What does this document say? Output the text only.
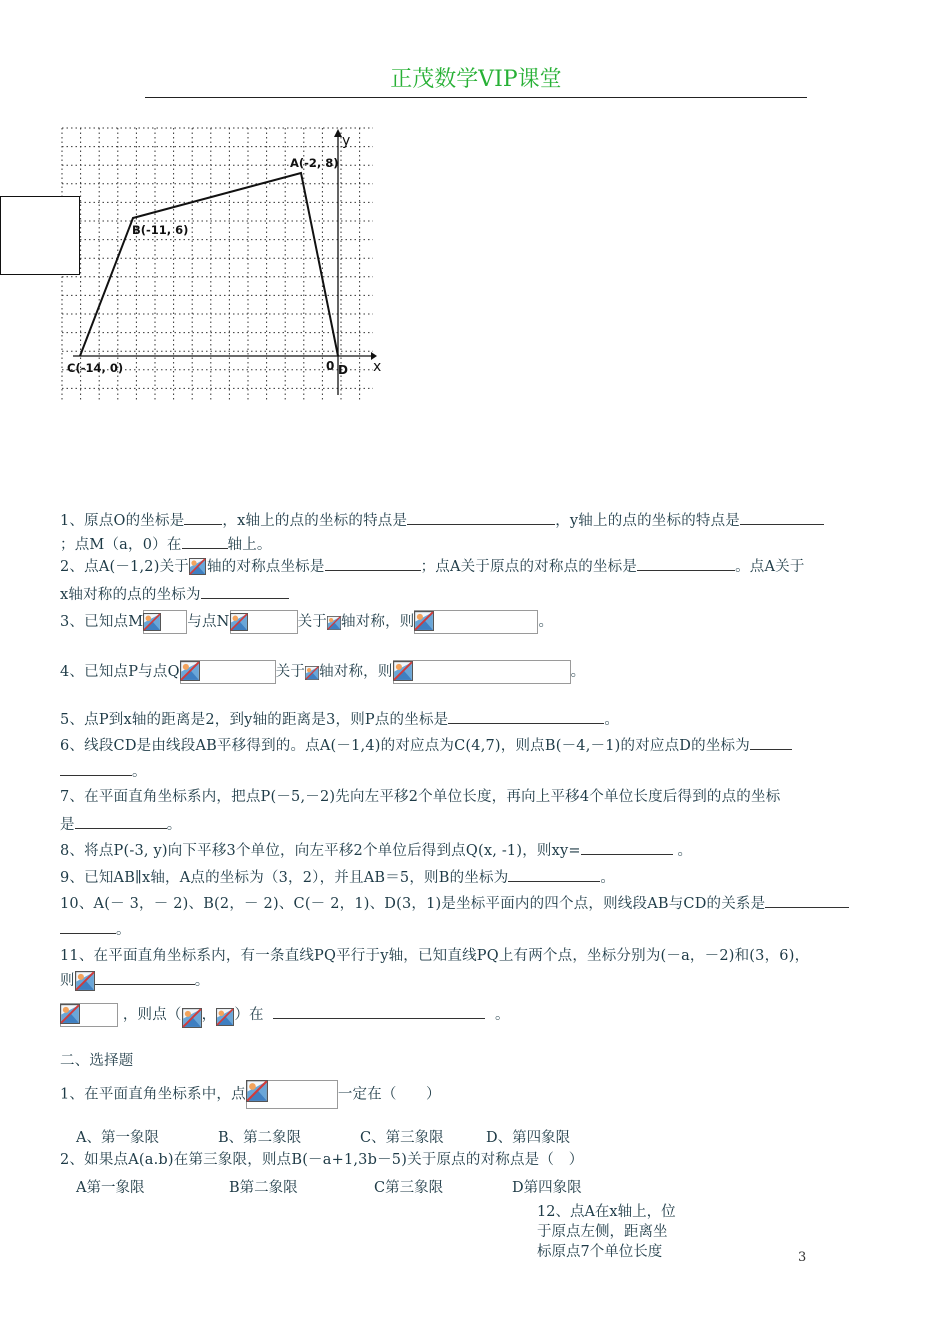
正茂数学VIP课堂
y
x
0
A(-2, 8)
B(-11, 6)
C(-14, 0)	D
1、原点O的坐标是	，x轴上的点的坐标的特点是	，y轴上的点的坐标的特点是
；点M（a，0）在	轴上。
2、点A(－1,2)关于 轴的对称点坐标是	；点A关于原点的对称点的坐标是	。点A关于
x轴对称的点的坐标为
3、已知点M	与点N	关于 轴对称，则	。
4、已知点P与点Q	关于 轴对称，则	。
5、点P到x轴的距离是2，到y轴的距离是3，则P点的坐标是	。
6、线段CD是由线段AB平移得到的。点A(－1,4)的对应点为C(4,7)，则点B(－4,－1)的对应点D的坐标为
。
7、在平面直角坐标系内，把点P(－5,－2)先向左平移2个单位长度，再向上平移4个单位长度后得到的点的坐标
是	。
8、将点P(-3, y)向下平移3个单位，向左平移2个单位后得到点Q(x, -1)，则xy=	。
9、已知AB∥x轴，A点的坐标为（3，2），并且AB＝5，则B的坐标为	。
10、A(－ 3，－ 2)、B(2，－ 2)、C(－ 2，1)、D(3，1)是坐标平面内的四个点，则线段AB与CD的关系是
。
11、在平面直角坐标系内，有一条直线PQ平行于y轴，已知直线PQ上有两个点，坐标分别为(－a，－2)和(3，6)，
则	。
，则点（ ， ）在	。
二、选择题
1、在平面直角坐标系中，点	一定在（　　）
A、第一象限	B、第二象限	C、第三象限	D、第四象限
2、如果点A(a.b)在第三象限，则点B(－a+1,3b－5)关于原点的对称点是（　）
A第一象限	B第二象限	C第三象限	D第四象限
12、点A在x轴上，位于原点左侧，距离坐标原点7个单位长度	3
